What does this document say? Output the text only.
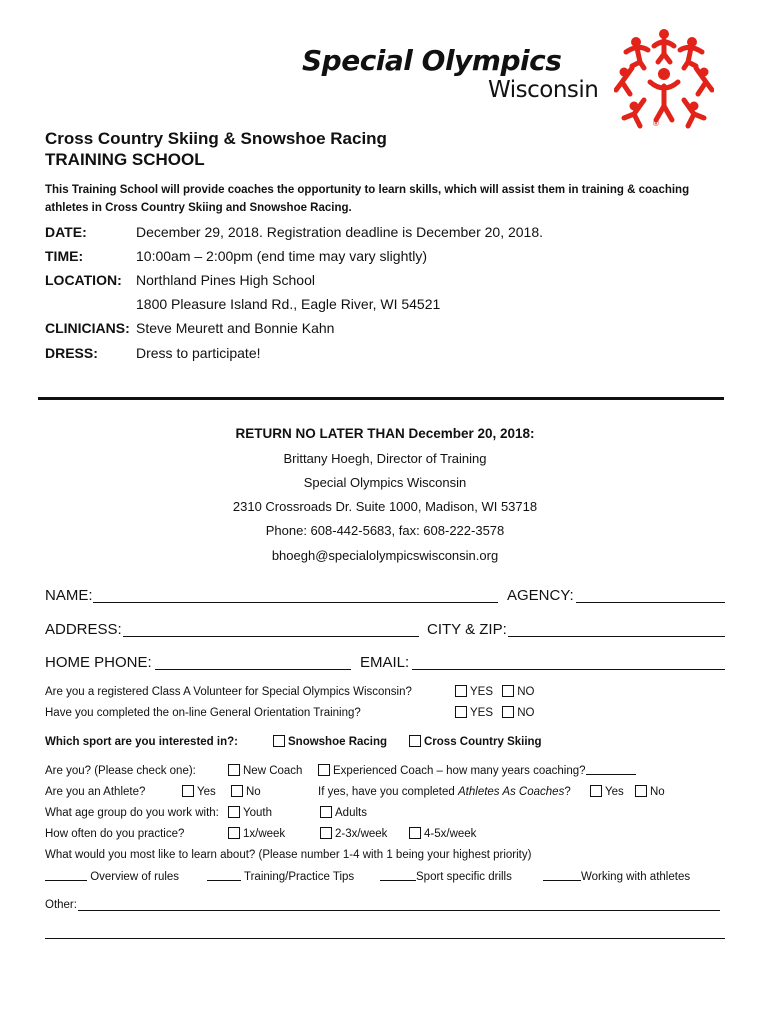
Special Olympics
Wisconsin
®
Cross Country Skiing & Snowshoe Racing
TRAINING SCHOOL
This Training School will provide coaches the opportunity to learn skills, which will assist them in training & coaching
athletes in Cross Country Skiing and Snowshoe Racing.
DATE:	December 29, 2018. Registration deadline is December 20, 2018.
TIME:	10:00am – 2:00pm (end time may vary slightly)
LOCATION: Northland Pines High School
1800 Pleasure Island Rd., Eagle River, WI 54521
CLINICIANS: Steve Meurett and Bonnie Kahn
DRESS:	Dress to participate!
RETURN NO LATER THAN December 20, 2018:
Brittany Hoegh, Director of Training
Special Olympics Wisconsin
2310 Crossroads Dr. Suite 1000, Madison, WI 53718
Phone: 608-442-5683, fax: 608-222-3578
bhoegh@specialolympicswisconsin.org
NAME:	AGENCY:
ADDRESS:	CITY & ZIP:
HOME PHONE:	EMAIL:
Are you a registered Class A Volunteer for Special Olympics Wisconsin?	YES NO
Have you completed the on-line General Orientation Training?	YES NO
Which sport are you interested in?:	Snowshoe Racing	Cross Country Skiing
Are you? (Please check one):	New Coach	Experienced Coach – how many years coaching?
Are you an Athlete?	Yes	No	If yes, have you completed Athletes As Coaches?	Yes No
What age group do you work with:	Youth	Adults
How often do you practice?	1x/week	2-3x/week	4-5x/week
What would you most like to learn about? (Please number 1-4 with 1 being your highest priority)
Overview of rules	Training/Practice Tips	Sport specific drills	Working with athletes
Other:
